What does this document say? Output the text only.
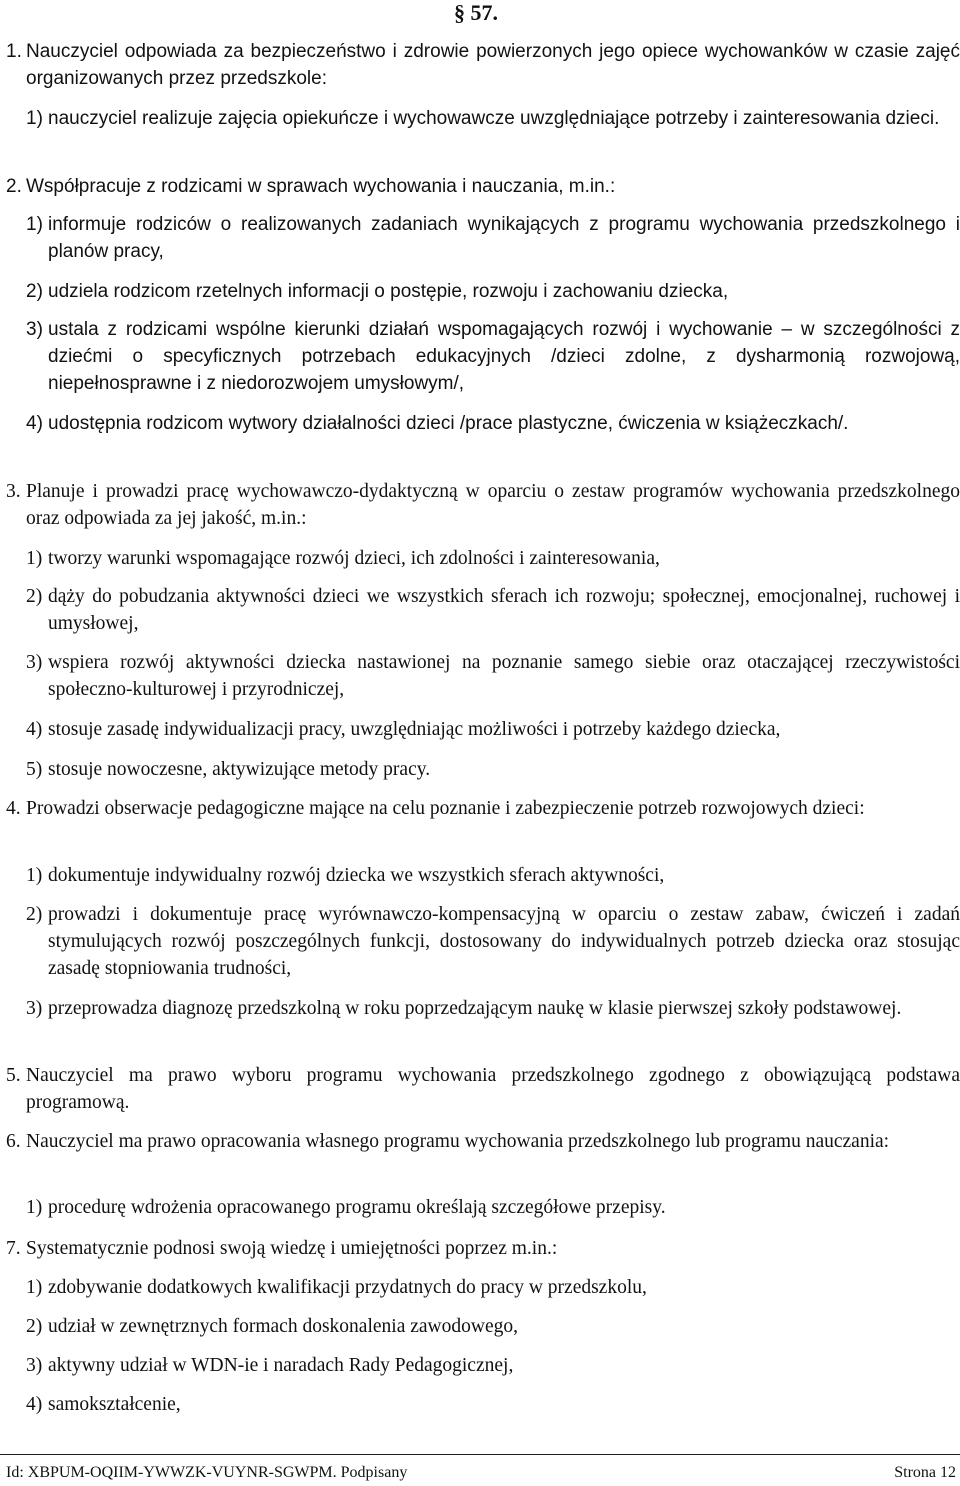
§ 57.
1. Nauczyciel odpowiada za bezpieczeństwo i zdrowie powierzonych jego opiece wychowanków w czasie zajęć organizowanych przez przedszkole:
1) nauczyciel realizuje zajęcia opiekuńcze i wychowawcze uwzględniające potrzeby i zainteresowania dzieci.
2. Współpracuje z rodzicami w sprawach wychowania i nauczania, m.in.:
1) informuje rodziców o realizowanych zadaniach wynikających z programu wychowania przedszkolnego i planów pracy,
2) udziela rodzicom rzetelnych informacji o postępie, rozwoju i zachowaniu dziecka,
3) ustala z rodzicami wspólne kierunki działań wspomagających rozwój i wychowanie – w szczególności z dziećmi o specyficznych potrzebach edukacyjnych /dzieci zdolne, z dysharmonią rozwojową, niepełnosprawne i z niedorozwojem umysłowym/,
4) udostępnia rodzicom wytwory działalności dzieci /prace plastyczne, ćwiczenia w książeczkach/.
3. Planuje i prowadzi pracę wychowawczo-dydaktyczną w oparciu o zestaw programów wychowania przedszkolnego oraz odpowiada za jej jakość, m.in.:
1) tworzy warunki wspomagające rozwój dzieci, ich zdolności i zainteresowania,
2) dąży do pobudzania aktywności dzieci we wszystkich sferach ich rozwoju; społecznej, emocjonalnej, ruchowej i umysłowej,
3) wspiera rozwój aktywności dziecka nastawionej na poznanie samego siebie oraz otaczającej rzeczywistości społeczno-kulturowej i przyrodniczej,
4) stosuje zasadę indywidualizacji pracy, uwzględniając możliwości i potrzeby każdego dziecka,
5) stosuje nowoczesne, aktywizujące metody pracy.
4. Prowadzi obserwacje pedagogiczne mające na celu poznanie i zabezpieczenie potrzeb rozwojowych dzieci:
1) dokumentuje indywidualny rozwój dziecka we wszystkich sferach aktywności,
2) prowadzi i dokumentuje pracę wyrównawczo-kompensacyjną w oparciu o zestaw zabaw, ćwiczeń i zadań stymulujących rozwój poszczególnych funkcji, dostosowany do indywidualnych potrzeb dziecka oraz stosując zasadę stopniowania trudności,
3) przeprowadza diagnozę przedszkolną w roku poprzedzającym naukę w klasie pierwszej szkoły podstawowej.
5. Nauczyciel ma prawo wyboru programu wychowania przedszkolnego zgodnego z obowiązującą podstawa programową.
6. Nauczyciel ma prawo opracowania własnego programu wychowania przedszkolnego lub programu nauczania:
1) procedurę wdrożenia opracowanego programu określają szczegółowe przepisy.
7. Systematycznie podnosi swoją wiedzę i umiejętności poprzez m.in.:
1) zdobywanie dodatkowych kwalifikacji przydatnych do pracy w przedszkolu,
2) udział w zewnętrznych formach doskonalenia zawodowego,
3) aktywny udział w WDN-ie i naradach Rady Pedagogicznej,
4) samokształcenie,
Id: XBPUM-OQIIM-YWWZK-VUYNR-SGWPM. Podpisany	Strona 12
